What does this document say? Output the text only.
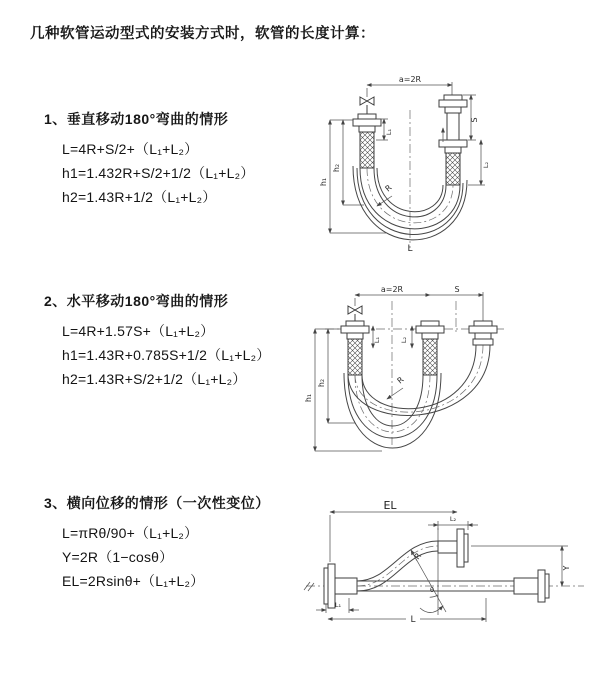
几种软管运动型式的安装方式时，软管的长度计算：
1、垂直移动180°弯曲的情形
L=4R+S/2+（L₁+L₂）
h1=1.432R+S/2+1/2（L₁+L₂）
h2=1.43R+1/2（L₁+L₂）
2、水平移动180°弯曲的情形
L=4R+1.57S+（L₁+L₂）
h1=1.43R+0.785S+1/2（L₁+L₂）
h2=1.43R+S/2+1/2（L₁+L₂）
3、横向位移的情形（一次性变位）
L=πRθ/90+（L₁+L₂）
Y=2R（1−cosθ）
EL=2Rsinθ+（L₁+L₂）
a=2R
L₁
S
L₂
h₁
h₂
R
L
a=2R	S
L₁	L₂
h₁
h₂	R
EL
L₂
R
θ
L₁
L
Y
